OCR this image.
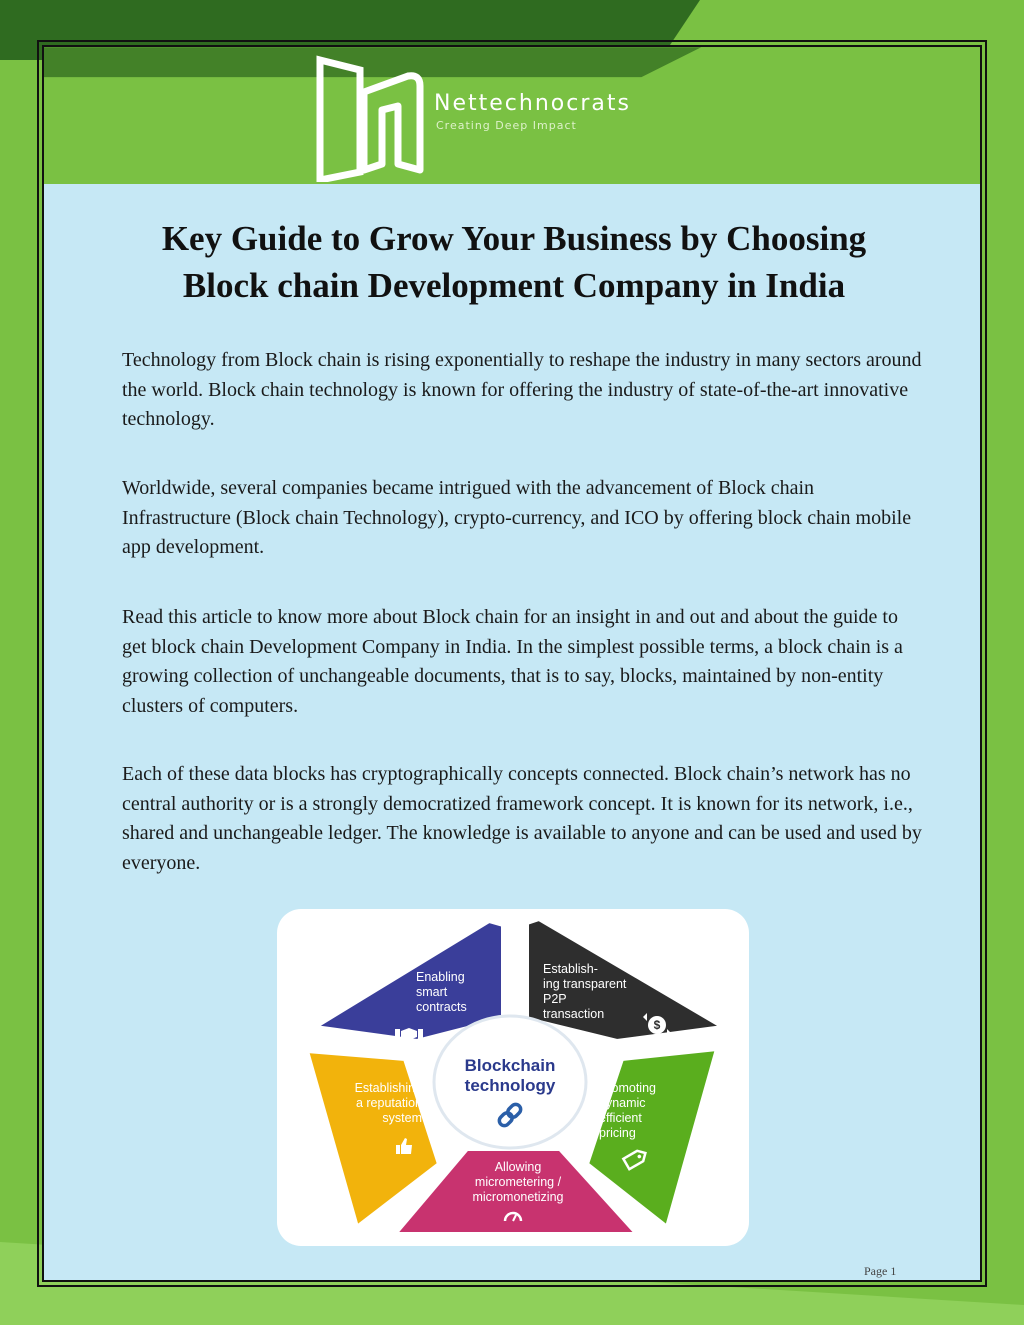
Nettechnocrats
Creating Deep Impact
Key Guide to Grow Your Business by Choosing
Block chain Development Company in India

Technology from Block chain is rising exponentially to reshape the industry in many sectors around the world. Block chain technology is known for offering the industry of state-of-the-art innovative technology.

Worldwide, several companies became intrigued with the advancement of Block chain Infrastructure (Block chain Technology), crypto-currency, and ICO by offering block chain mobile app development.

Read this article to know more about Block chain for an insight in and out and about the guide to get block chain Development Company in India. In the simplest possible terms, a block chain is a growing collection of unchangeable documents, that is to say, blocks, maintained by non-entity clusters of computers.

Each of these data blocks has cryptographically concepts connected. Block chain’s network has no central authority or is a strongly democratized framework concept. It is known for its network, i.e., shared and unchangeable ledger. The knowledge is available to anyone and can be used and used by everyone.

Blockchain
technology
Enabling
smart
contracts
Establish-
ing transparent
P2P
transaction
Promoting
dynamic
efficient
pricing
Allowing
micrometering /
micromonetizing
Establishing
a reputation
system
$
Page 1
